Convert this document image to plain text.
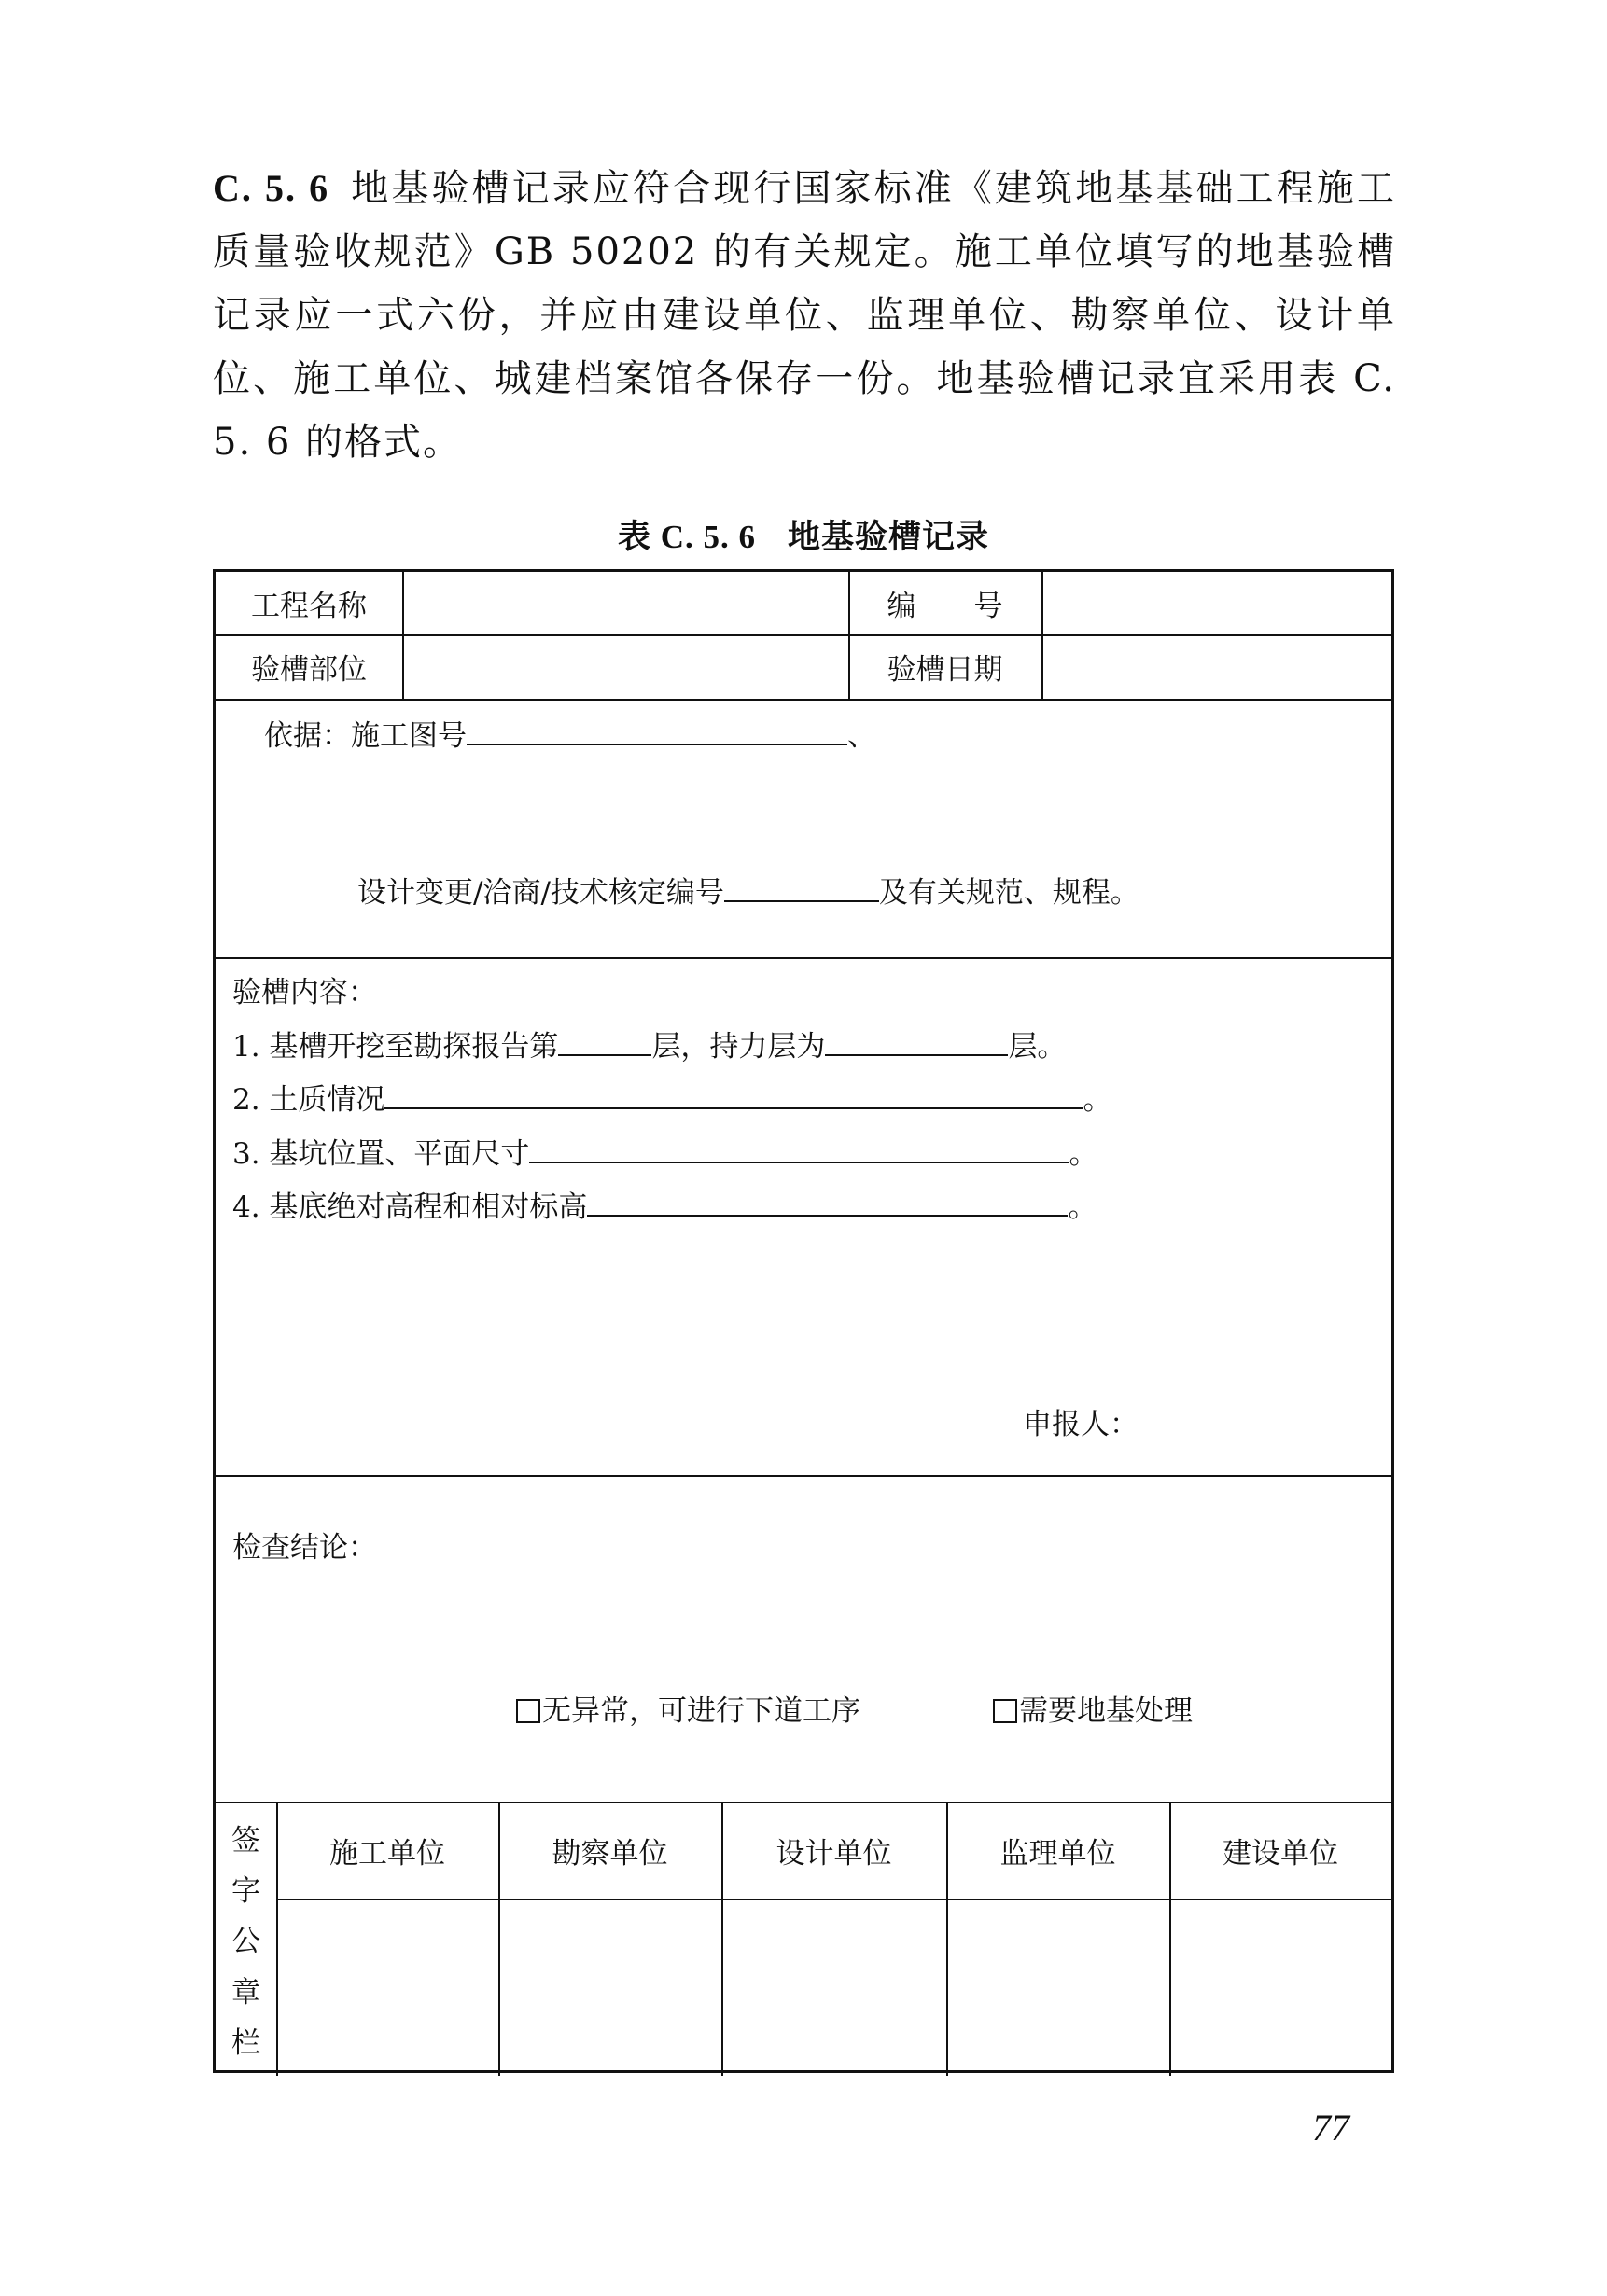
C. 5. 6 地基验槽记录应符合现行国家标准《建筑地基基础工程施工质量验收规范》GB 50202 的有关规定。施工单位填写的地基验槽记录应一式六份，并应由建设单位、监理单位、勘察单位、设计单位、施工单位、城建档案馆各保存一份。地基验槽记录宜采用表 C. 5. 6 的格式。
表 C. 5. 6 地基验槽记录
工程名称	编　　号
验槽部位	验槽日期
依据：施工图号	、
设计变更/洽商/技术核定编号	及有关规范、规程。
验槽内容：
1. 基槽开挖至勘探报告第	层，持力层为	层。
2. 土质情况	。
3. 基坑位置、平面尺寸	。
4. 基底绝对高程和相对标高	。
申报人：
检查结论：
无异常，可进行下道工序	需要地基处理
签
字
公
章
栏
施工单位	勘察单位	设计单位	监理单位	建设单位
77
